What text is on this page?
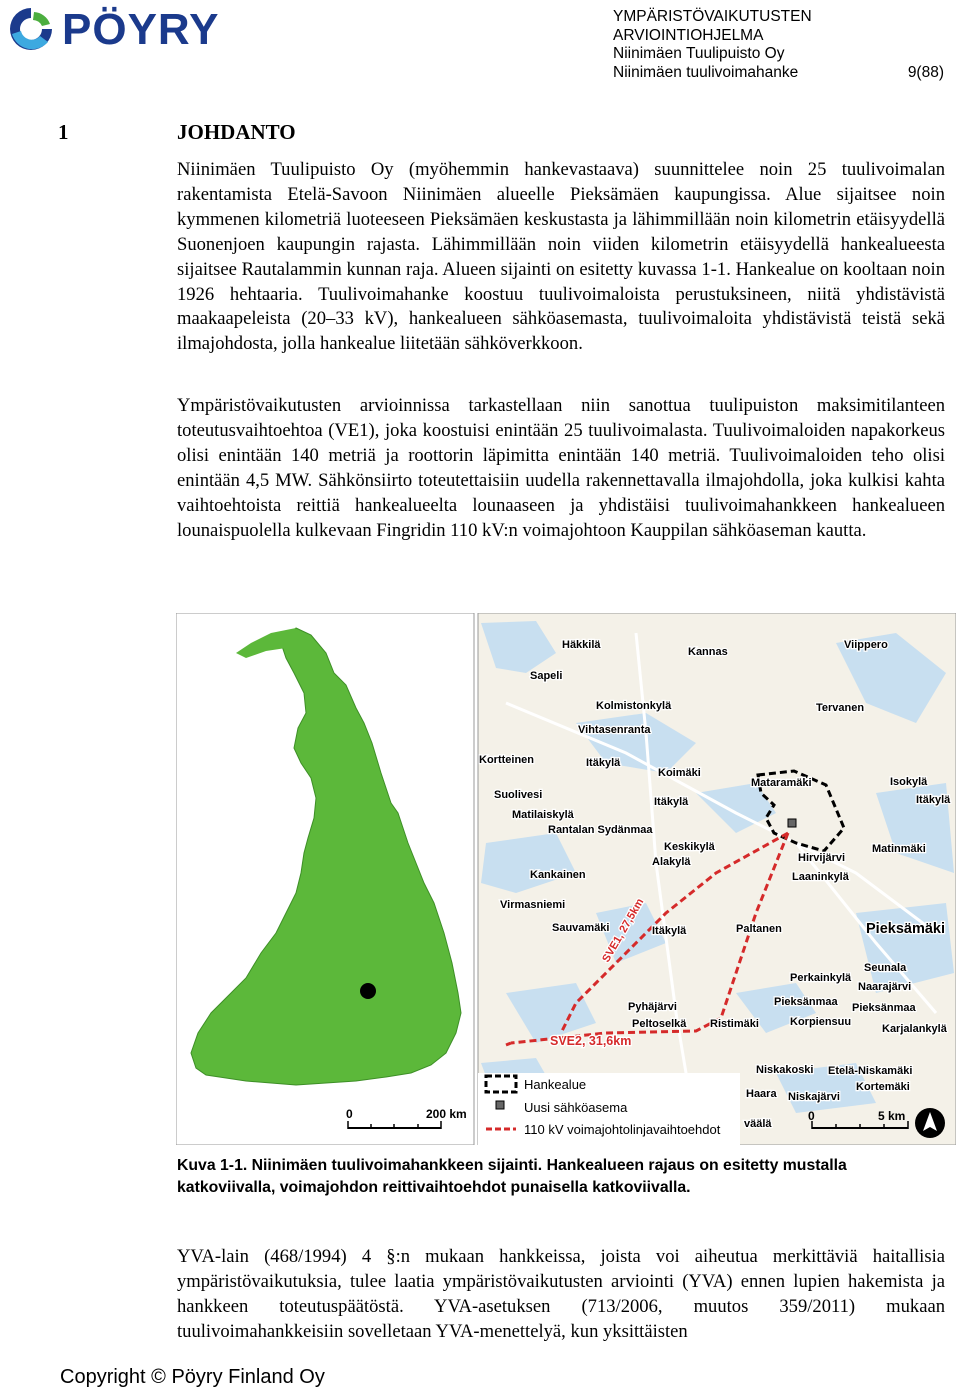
PÖYRY	YMPÄRISTÖVAIKUTUSTEN
ARVIOINTIOHJELMA
Niinimäen Tuulipuisto Oy
Niinimäen tuulivoimahanke	9(88)
1	JOHDANTO
Niinimäen Tuulipuisto Oy (myöhemmin hankevastaava) suunnittelee noin 25 tuulivoimalan rakentamista Etelä-Savoon Niinimäen alueelle Pieksämäen kaupungissa. Alue sijaitsee noin kymmenen kilometriä luoteeseen Pieksämäen keskustasta ja lähimmillään noin kilometrin etäisyydellä Suonenjoen kaupungin rajasta. Lähimmillään noin viiden kilometrin etäisyydellä hankealueesta sijaitsee Rautalammin kunnan raja. Alueen sijainti on esitetty kuvassa 1-1. Hankealue on kooltaan noin 1926 hehtaaria. Tuulivoimahanke koostuu tuulivoimaloista perustuksineen, niitä yhdistävistä maakaapeleista (20–33 kV), hankealueen sähköasemasta, tuulivoimaloita yhdistävistä teistä sekä ilmajohdosta, jolla hankealue liitetään sähköverkkoon.
Ympäristövaikutusten arvioinnissa tarkastellaan niin sanottua tuulipuiston maksimitilanteen toteutusvaihtoehtoa (VE1), joka koostuisi enintään 25 tuulivoimalasta. Tuulivoimaloiden napakorkeus olisi enintään 140 metriä ja roottorin läpimitta enintään 140 metriä. Tuulivoimaloiden teho olisi enintään 4,5 MW. Sähkönsiirto toteutettaisiin uudella rakennettavalla ilmajohdolla, joka kulkisi kahta vaihtoehtoista reittiä hankealueelta lounaaseen ja yhdistäisi tuulivoimahankkeen hankealueen lounaispuolella kulkevaan Fingridin 110 kV:n voimajohtoon Kauppilan sähköaseman kautta.
0	200 km
Häkkilä
Kannas
Viippero
Sapeli
Kolmistonkylä	Tervanen
Vihtasenranta
Kortteinen	Itäkylä
Koimäki
Mataramäki	Isokylä
Itäkylä
Suolivesi
Itäkylä
Matilaiskylä
Rantalan Sydänmaa
Keskikylä
Alakylä	Hirvijärvi
Matinmäki
Kankainen	Laaninkylä
Virmasniemi
Sauvamäki	Itäkylä	Paltanen	Pieksämäki
Seunala
Perkainkylä
Naarajärvi
Pieksänmaa Pieksänmaa
Pyhäjärvi
Peltoselkä Ristimäki	Korpiensuu
Karjalankylä
Niskakoski Etelä-Niskamäki
Haara
Kortemäki
Niskajärvi
väälä
SVE1, 27,5km
SVE2, 31,6km
Hankealue
Uusi sähköasema
110 kV voimajohtolinjavaihtoehdot
0	5 km
Kuva 1-1. Niinimäen tuulivoimahankkeen sijainti. Hankealueen rajaus on esitetty mustalla katkoviivalla, voimajohdon reittivaihtoehdot punaisella katkoviivalla.
YVA-lain (468/1994) 4 §:n mukaan hankkeissa, joista voi aiheutua merkittäviä haitallisia ympäristövaikutuksia, tulee laatia ympäristövaikutusten arviointi (YVA) ennen lupien hakemista ja hankkeen toteutuspäätöstä. YVA-asetuksen (713/2006, muutos 359/2011) mukaan tuulivoimahankkeisiin sovelletaan YVA-menettelyä, kun yksittäisten
Copyright © Pöyry Finland Oy
